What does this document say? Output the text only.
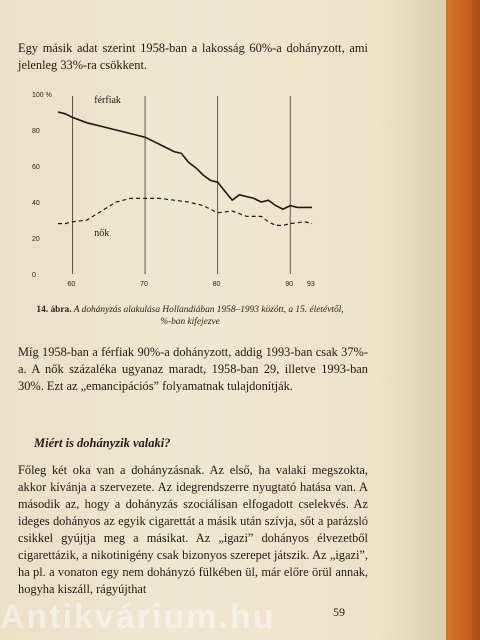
Egy másik adat szerint 1958-ban a lakosság 60%-a dohányzott, ami jelenleg 33%-ra csökkent.
100 %
80
60
40
20
0
60	70	80	90 93
férfiak
nők
14. ábra. A dohányzás alakulása Hollandiában 1958–1993 között, a 15. életévtől, %-ban kifejezve
Míg 1958-ban a férfiak 90%-a dohányzott, addig 1993-ban csak 37%-a. A nők százaléka ugyanaz maradt, 1958-ban 29, illetve 1993-ban 30%. Ezt az „emancipációs” folyamatnak tulajdonítják.
Miért is dohányzik valaki?
Főleg két oka van a dohányzásnak. Az első, ha valaki megszokta, akkor kívánja a szervezete. Az idegrendszerre nyugtató hatása van. A második az, hogy a dohányzás szociálisan elfogadott cselekvés. Az ideges dohányos az egyik cigarettát a másik után szívja, sőt a parázsló csikkel gyújtja meg a másikat. Az „igazi” dohányos élvezetből cigarettázik, a nikotinigény csak bizonyos szerepet játszik. Az „igazi”, ha pl. a vonaton egy nem dohányzó fülkében ül, már előre örül annak, hogyha kiszáll, rágyújthat
59
Antikvárium.hu
